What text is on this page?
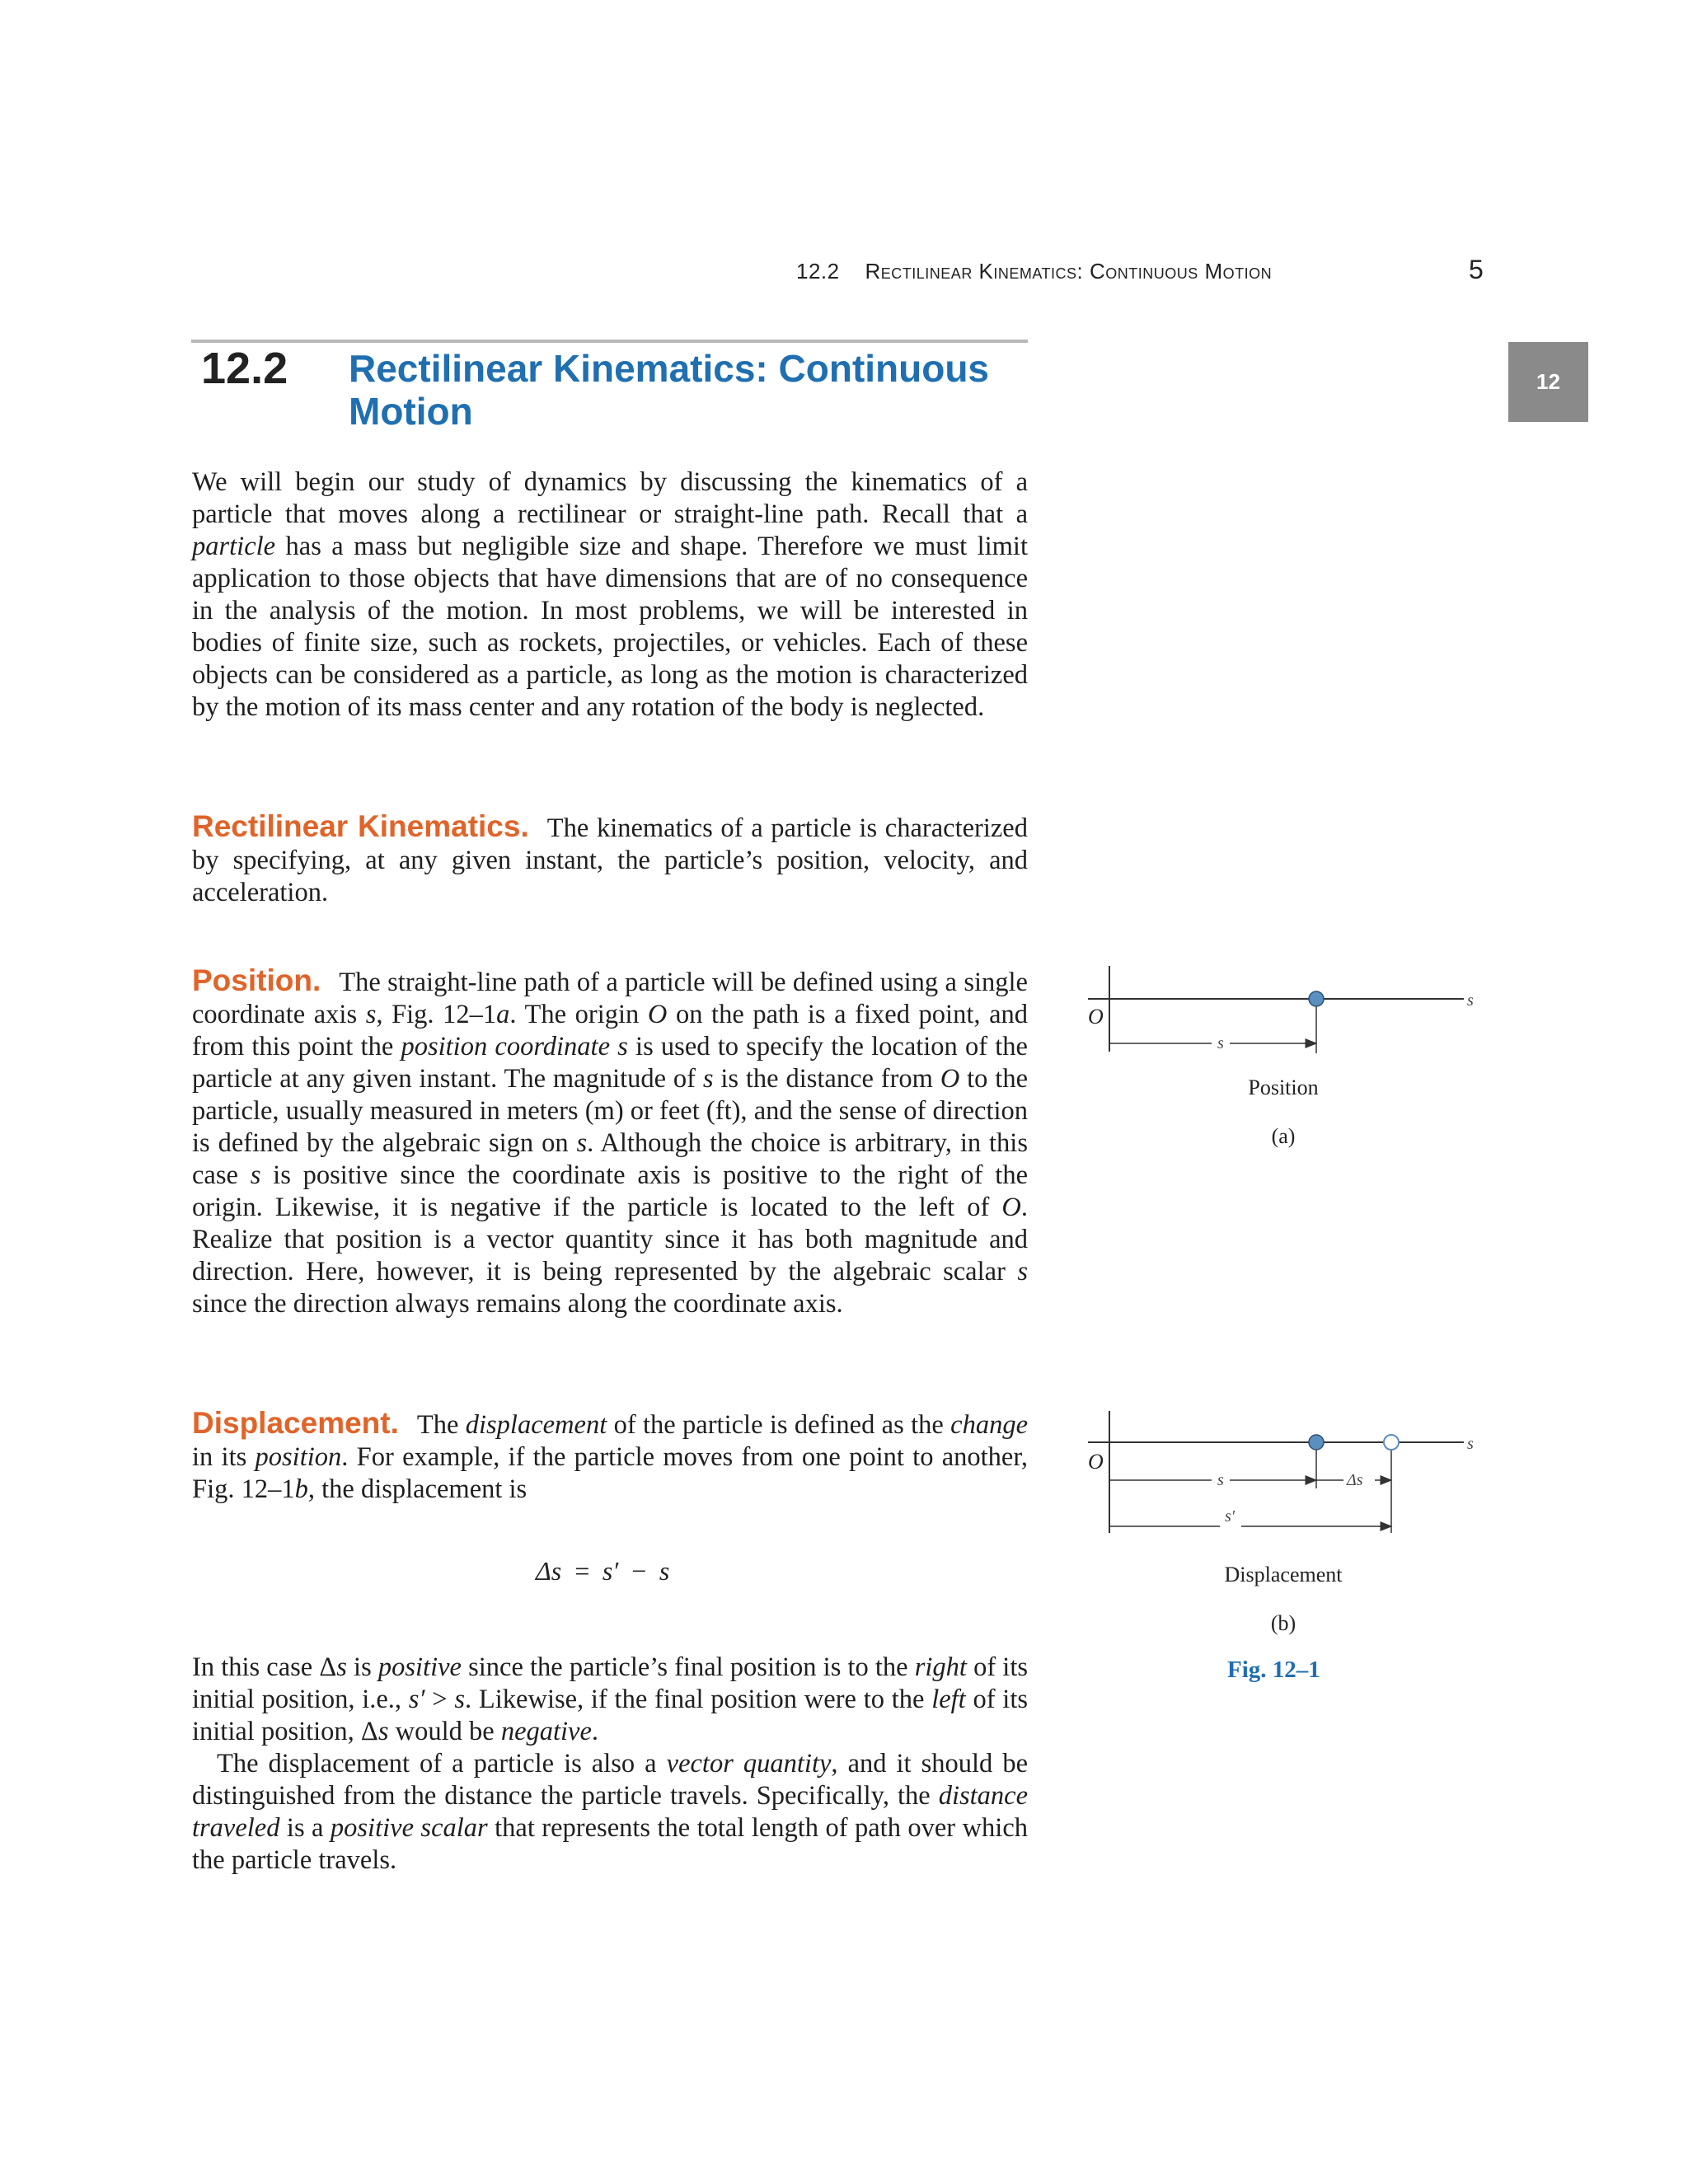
12.2 Rectilinear Kinematics: Continuous Motion	5
12
12.2 Rectilinear Kinematics: Continuous Motion
We will begin our study of dynamics by discussing the kinematics of a particle that moves along a rectilinear or straight-line path. Recall that a particle has a mass but negligible size and shape. Therefore we must limit application to those objects that have dimensions that are of no consequence in the analysis of the motion. In most problems, we will be interested in bodies of finite size, such as rockets, projectiles, or vehicles. Each of these objects can be considered as a particle, as long as the motion is characterized by the motion of its mass center and any rotation of the body is neglected.
Rectilinear Kinematics. The kinematics of a particle is characterized by specifying, at any given instant, the particle’s position, velocity, and acceleration.
Position. The straight-line path of a particle will be defined using a single coordinate axis s, Fig. 12–1a. The origin O on the path is a fixed point, and from this point the position coordinate s is used to specify the location of the particle at any given instant. The magnitude of s is the distance from O to the particle, usually measured in meters (m) or feet (ft), and the sense of direction is defined by the algebraic sign on s. Although the choice is arbitrary, in this case s is positive since the coordinate axis is positive to the right of the origin. Likewise, it is negative if the particle is located to the left of O. Realize that position is a vector quantity since it has both magnitude and direction. Here, however, it is being represented by the algebraic scalar s since the direction always remains along the coordinate axis.
Displacement. The displacement of the particle is defined as the change in its position. For example, if the particle moves from one point to another, Fig. 12–1b, the displacement is
Δs = s′ − s
In this case Δs is positive since the particle’s final position is to the right of its initial position, i.e., s′ > s. Likewise, if the final position were to the left of its initial position, Δs would be negative.
The displacement of a particle is also a vector quantity, and it should be distinguished from the distance the particle travels. Specifically, the distance traveled is a positive scalar that represents the total length of path over which the particle travels.
O
s
s
Position
(a)
O
s
s	Δs
s′
Displacement
(b)
Fig. 12–1
